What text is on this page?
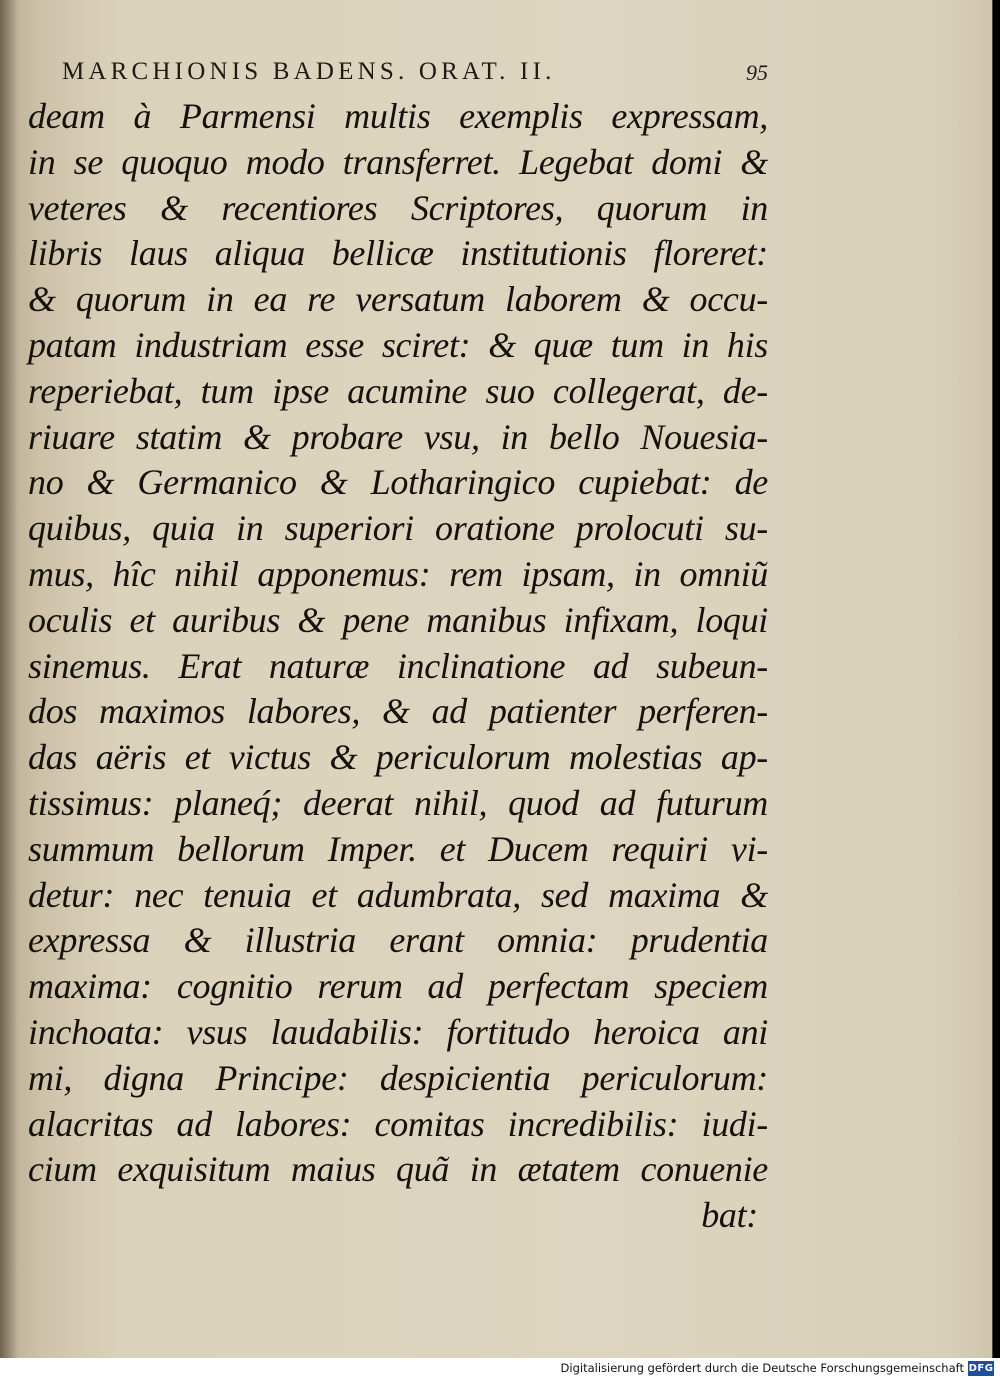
MARCHIONIS BADENS. ORAT. II.	95
deam à Parmensi multis exemplis expressam,
in se quoquo modo transferret. Legebat domi &
veteres & recentiores Scriptores, quorum in
libris laus aliqua bellicæ institutionis floreret:
& quorum in ea re versatum laborem & occu-
patam industriam esse sciret: & quæ tum in his
reperiebat, tum ipse acumine suo collegerat, de-
riuare statim & probare vsu, in bello Nouesia-
no & Germanico & Lotharingico cupiebat: de
quibus, quia in superiori oratione prolocuti su-
mus, hîc nihil apponemus: rem ipsam, in omniũ
oculis et auribus & pene manibus infixam, loqui
sinemus. Erat naturæ inclinatione ad subeun-
dos maximos labores, & ad patienter perferen-
das aëris et victus & periculorum molestias ap-
tissimus: planeq́; deerat nihil, quod ad futurum
summum bellorum Imper. et Ducem requiri vi-
detur: nec tenuia et adumbrata, sed maxima &
expressa & illustria erant omnia: prudentia
maxima: cognitio rerum ad perfectam speciem
inchoata: vsus laudabilis: fortitudo heroica ani
mi, digna Principe: despicientia periculorum:
alacritas ad labores: comitas incredibilis: iudi-
cium exquisitum maius quã in ætatem conuenie
bat:
Digitalisierung gefördert durch die Deutsche Forschungsgemeinschaft DFG
